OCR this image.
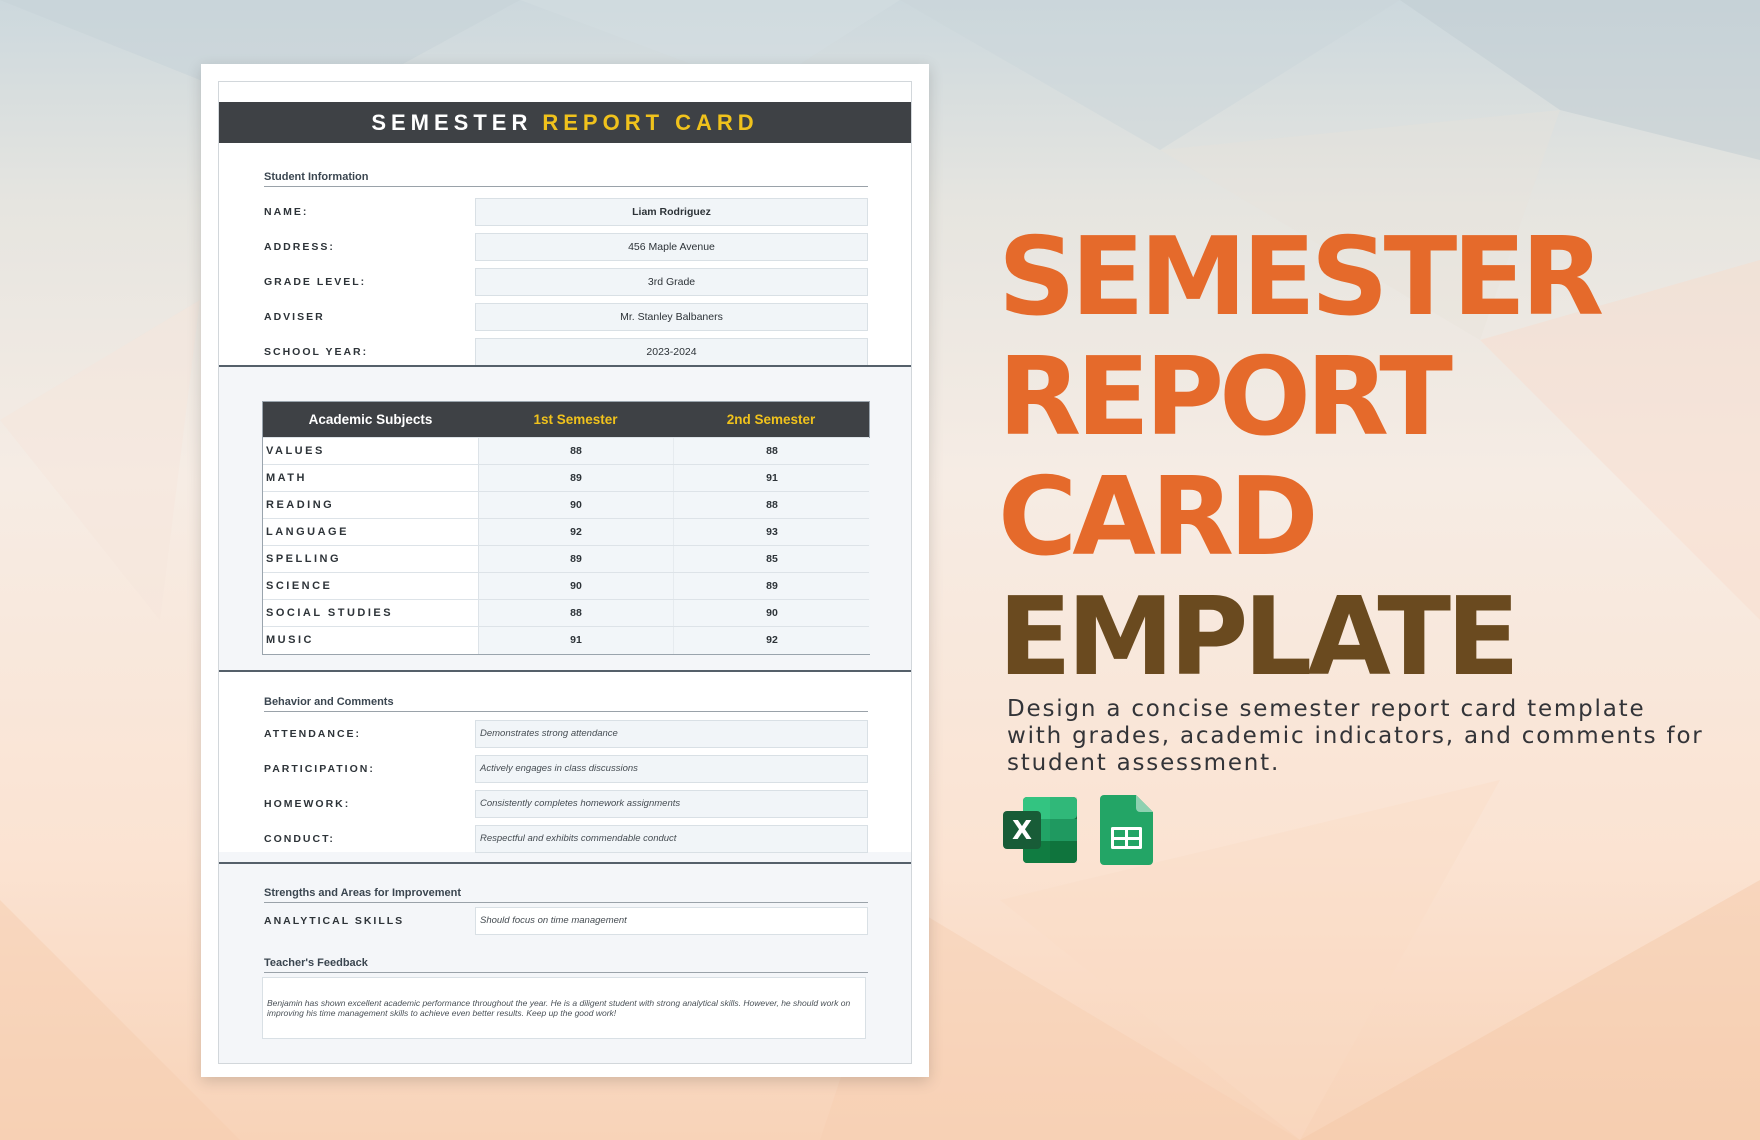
SEMESTER REPORT CARD
Student Information
NAME:	Liam Rodriguez
ADDRESS:	456 Maple Avenue
GRADE LEVEL:	3rd Grade
ADVISER	Mr. Stanley Balbaners
SCHOOL YEAR:	2023-2024
Academic Subjects	1st Semester	2nd Semester
VALUES	88	88
MATH	89	91
READING	90	88
LANGUAGE	92	93
SPELLING	89	85
SCIENCE	90	89
SOCIAL STUDIES	88	90
MUSIC	91	92
Behavior and Comments
ATTENDANCE:	Demonstrates strong attendance
PARTICIPATION:	Actively engages in class discussions
HOMEWORK:	Consistently completes homework assignments
CONDUCT:	Respectful and exhibits commendable conduct
Strengths and Areas for Improvement
ANALYTICAL SKILLS	Should focus on time management
Teacher's Feedback
Benjamin has shown excellent academic performance throughout the year. He is a diligent student with strong analytical skills. However, he should work on improving his time management skills to achieve even better results. Keep up the good work!
SEMESTER
REPORT
CARD
EMPLATE
Design a concise semester report card template with grades, academic indicators, and comments for student assessment.
X
